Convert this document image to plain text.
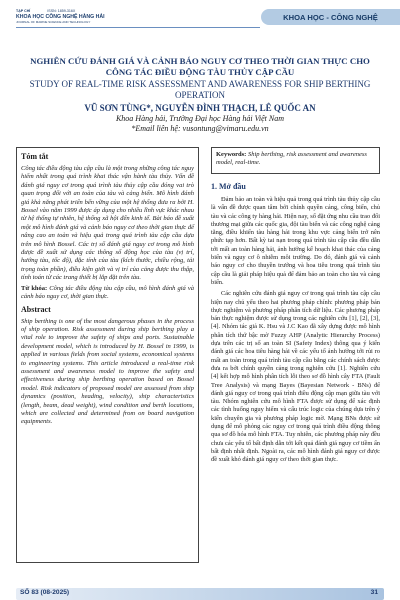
TẠP CHÍ	ISSN: 1859-316X
KHOA HỌC CÔNG NGHỆ HÀNG HẢI
JOURNAL OF MARINE SCIENCE AND TECHNOLOGY
KHOA HỌC - CÔNG NGHỆ
NGHIÊN CỨU ĐÁNH GIÁ VÀ CẢNH BÁO NGUY CƠ THEO THỜI GIAN THỰC CHO CÔNG TÁC ĐIỀU ĐỘNG TÀU THỦY CẬP CẦU
STUDY OF REAL-TIME RISK ASSESSMENT AND AWARENESS FOR SHIP BERTHING OPERATION
VŨ SƠN TÙNG*, NGUYỄN ĐÌNH THẠCH, LÊ QUỐC AN
Khoa Hàng hải, Trường Đại học Hàng hải Việt Nam
*Email liên hệ: vusontung@vimaru.edu.vn
Tóm tắt

Công tác điều động tàu cập cầu là một trong những công tác nguy hiểm nhất trong quá trình khai thác vận hành tàu thủy. Vấn đề đánh giá nguy cơ trong quá trình tàu thủy cập cầu đóng vai trò quan trọng đối với an toàn của tàu và cảng biển. Mô hình đánh giá khả năng phát triển bến vững của một hệ thống đưa ra bởi H. Bossel vào năm 1999 được áp dụng cho nhiều lĩnh vực khác nhau từ hệ thống tự nhiên, hệ thống xã hội đến kinh tế. Bài báo đề xuất một mô hình đánh giá và cảnh báo nguy cơ theo thời gian thực để nâng cao an toàn và hiệu quả trong quá trình tàu cập cầu dựa trên mô hình Bossel. Các trị số đánh giá nguy cơ trong mô hình được đề xuất sử dụng các thông số động học của tàu (vị trí, hướng tàu, tốc độ), đặc tính của tàu (kích thước, chiều rộng, tải trọng toàn phần), điều kiện giới và vị trí của cảng được thu thập, tính toán từ các trang thiết bị lắp đặt trên tàu.

Từ khóa: Công tác điều động tàu cập cầu, mô hình đánh giá và cảnh báo nguy cơ, thời gian thực.

Abstract

Ship berthing is one of the most dangerous phases in the process of ship operation. Risk assessment during ship berthing play a vital role to improve the safety of ships and ports. Sustainable development model, which is introduced by H. Bossel in 1999, is applied in various fields from social systems, economical systems to engineering systems. This article introduced a real-time risk assessment and awareness model to improve the safety and effectiveness during ship berthing operation based on Bossel model. Risk indicators of proposed model are assessed from ship dynamics (position, heading, velocity), ship characteristics (length, beam, dead weight), wind condition and berth locations, which are collected and determined from on board navigation equipments.

Keywords: Ship berthing, risk assessment and awareness model, real-time.
1. Mở đầu

Đảm bảo an toàn và hiệu quả trong quá trình tàu thủy cập cầu là vấn đề được quan tâm bởi chính quyền cảng, công biển, chủ tàu và các công ty hàng hải. Hiện nay, số đặt ứng nhu cầu trao đổi thương mại giữa các quốc gia, đội tàu biển và các công nghệ cảng tăng, điều khiển tàu hàng hải trong khu vực cảng biển trở nên phức tạp hơn. Bất kỳ tai nạn trong quá trình tàu cập cầu đều dẫn tới mất an toàn hàng hải, ảnh hưởng kế hoạch khai thác của cảng biển và nguy cơ ô nhiễm môi trường. Do đó, đánh giá và cảnh báo nguy cơ cho thuyền trưởng và hoa tiêu trong quá trình tàu cập cầu là giải pháp hiệu quả để đảm bảo an toàn cho tàu và cảng biển.

Các nghiên cứu đánh giá nguy cơ trong quá trình tàu cập cầu hiện nay chủ yếu theo hai phương pháp chính: phương pháp bán thực nghiệm và phương pháp phân tích dữ liệu. Các phương pháp bán thực nghiệm được sử dụng trong các nghiên cứu [1], [2], [3], [4]. Nhóm tác giả K. Hsu và J.C Kao đã xây dựng được mô hình phân tích thứ bậc mờ Fuzzy AHP (Analytic Hierarchy Process) dựa trên các trị số an toàn SI (Safety Index) thông qua ý kiến đánh giá các hoa tiêu hàng hải về các yếu tố ảnh hưởng tới rủi ro mất an toàn trong quá trình tàu cập cầu bằng các chính sách được đưa ra bởi chính quyền cảng trong nghiên cứu [1]. Nghiên cứu [4] kết hợp mô hình phân tích lỗi theo sơ đồ hình cây FTA (Fault Tree Analysis) và mạng Bayes (Bayesian Network - BNs) để đánh giá nguy cơ trong quá trình điều động cập mạn giữa tàu với tàu. Nhóm nghiên cứu mô hình FTA được sử dụng để xác định các tình huống nguy hiểm và cấu trúc logic của chúng dựa trên ý kiến chuyên gia và phương pháp logic mờ. Mạng BNs được sử dụng để mô phỏng các nguy cơ trong quá trình điều động thông qua sơ đồ hóa mô hình FTA. Tuy nhiên, các phương pháp này đều chưa các yếu tố bất định dẫn tới kết quả đánh giá nguy cơ tiềm ẩn bất định nhất định. Ngoài ra, các mô hình đánh giá nguy cơ được đề xuất khó đánh giá nguy cơ theo thời gian thực.

SỐ 83 (08-2025)	31
